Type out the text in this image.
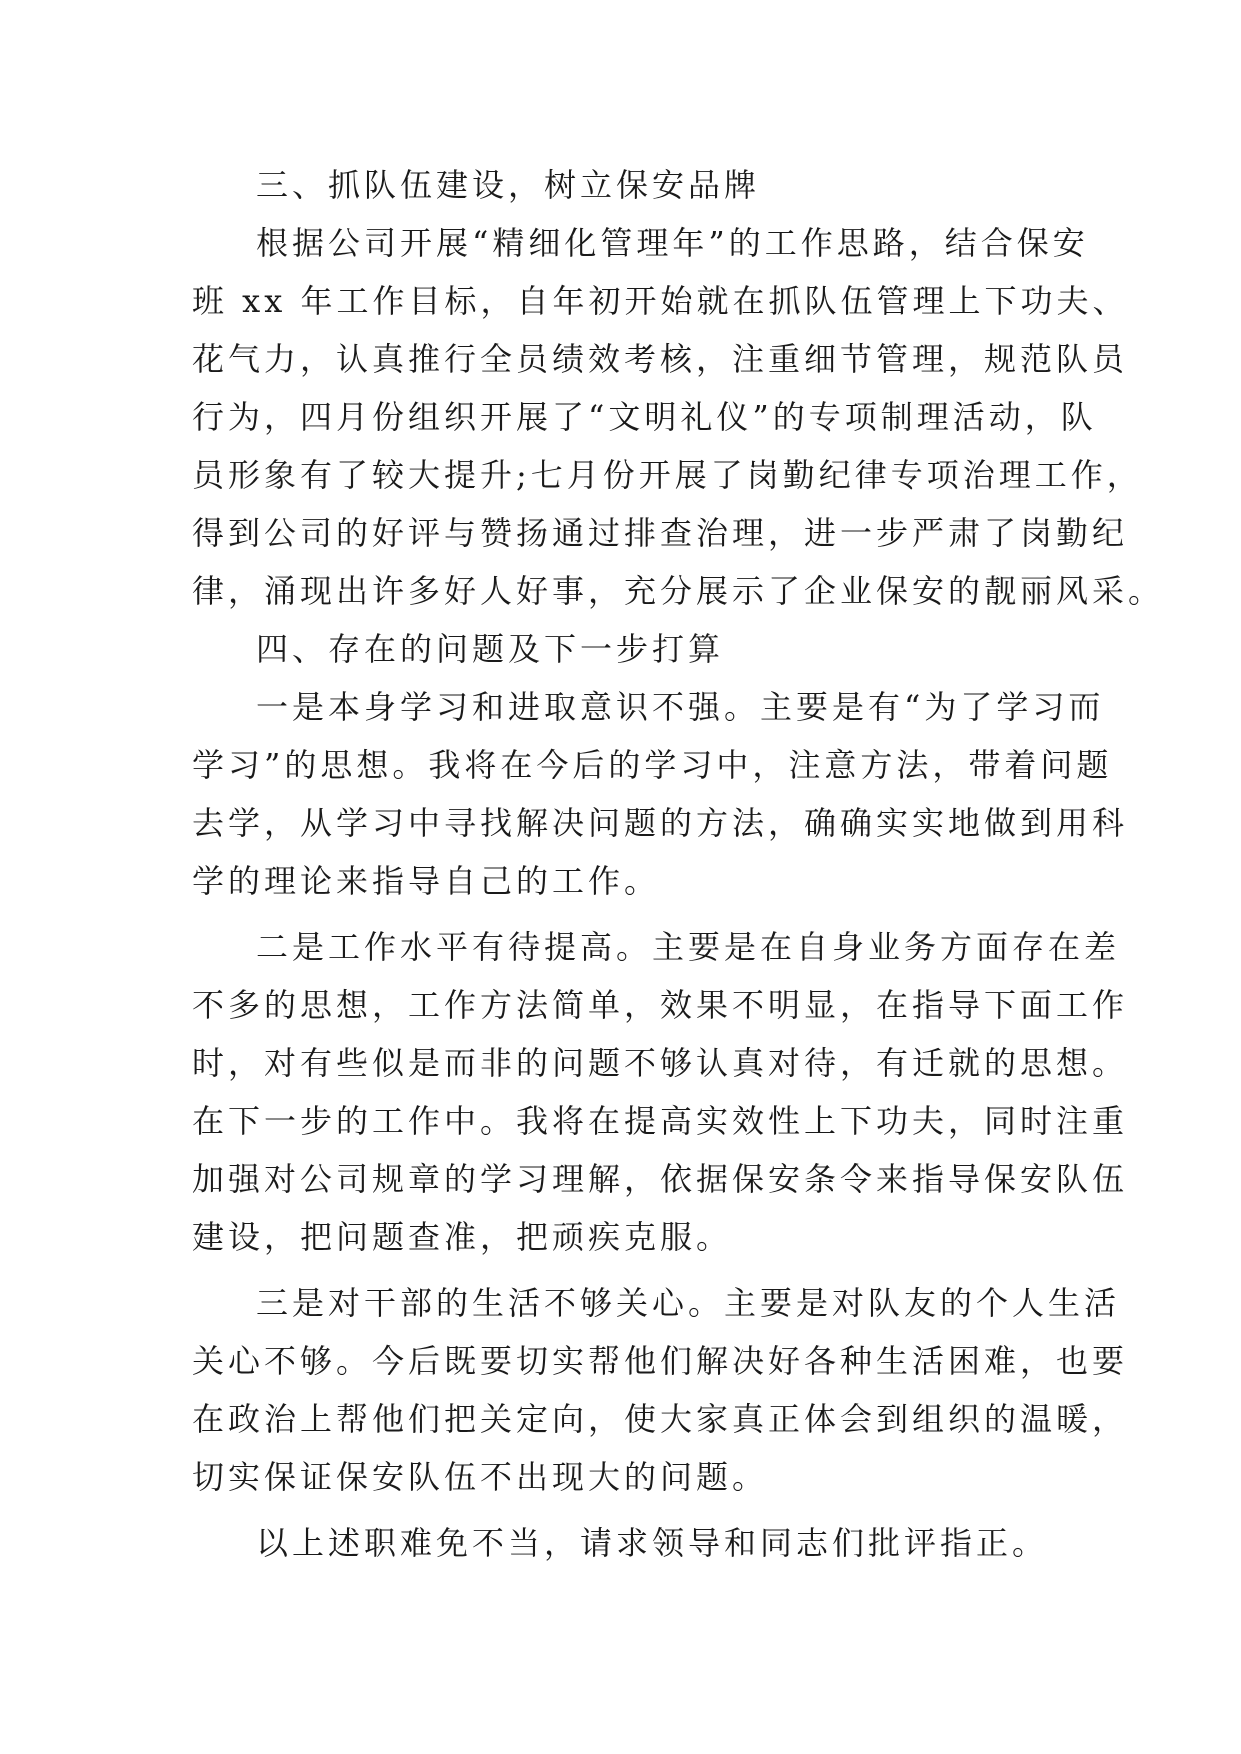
三、抓队伍建设，树立保安品牌
根据公司开展“精细化管理年”的工作思路，结合保安
班 xx 年工作目标，自年初开始就在抓队伍管理上下功夫、
花气力，认真推行全员绩效考核，注重细节管理，规范队员
行为，四月份组织开展了“文明礼仪”的专项制理活动，队
员形象有了较大提升;七月份开展了岗勤纪律专项治理工作，
得到公司的好评与赞扬通过排查治理，进一步严肃了岗勤纪
律，涌现出许多好人好事，充分展示了企业保安的靓丽风采。
四、存在的问题及下一步打算
一是本身学习和进取意识不强。主要是有“为了学习而
学习”的思想。我将在今后的学习中，注意方法，带着问题
去学，从学习中寻找解决问题的方法，确确实实地做到用科
学的理论来指导自己的工作。
二是工作水平有待提高。主要是在自身业务方面存在差
不多的思想，工作方法简单，效果不明显，在指导下面工作
时，对有些似是而非的问题不够认真对待，有迁就的思想。
在下一步的工作中。我将在提高实效性上下功夫，同时注重
加强对公司规章的学习理解，依据保安条令来指导保安队伍
建设，把问题查准，把顽疾克服。
三是对干部的生活不够关心。主要是对队友的个人生活
关心不够。今后既要切实帮他们解决好各种生活困难，也要
在政治上帮他们把关定向，使大家真正体会到组织的温暖，
切实保证保安队伍不出现大的问题。
以上述职难免不当，请求领导和同志们批评指正。
